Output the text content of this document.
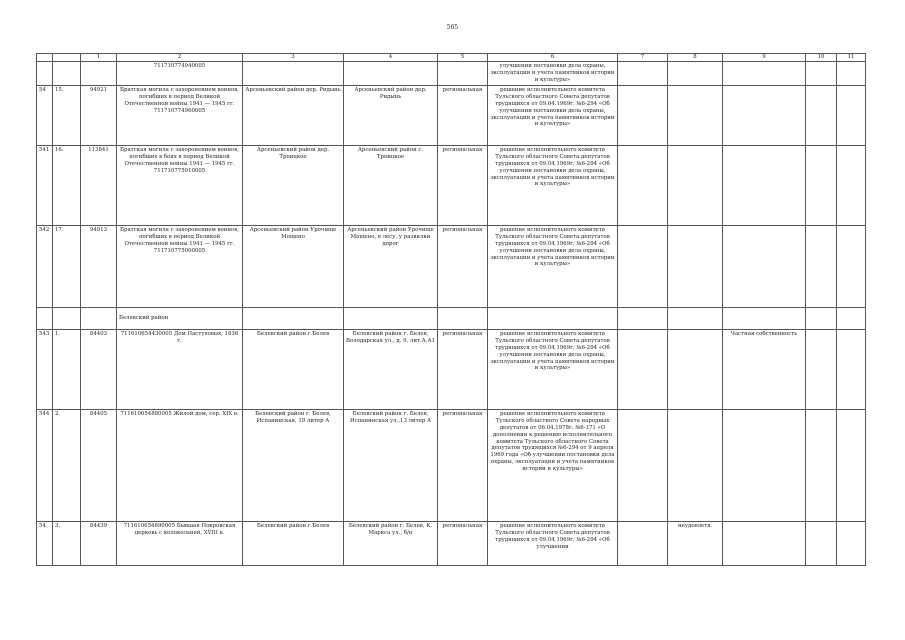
565
		1	2	3	4	5	6	7	8	9	10	11
			711710774940005				улучшении постановки дела охраны, эксплуатации и учета памятников истории и культуры»					
54	15.	94921	Братская могила с захоронением воинов, погибших в период Великой Отечественной войны 1941 — 1945 гг. 711710774960005	Арсеньевский район дер. Ридынь	Арсеньевский район дер. Ридынь	региональная	решение исполнительного комитета Тульского областного Совета депутатов трудящихся от 09.04.1969г. №6-294 «Об улучшении постановки дела охраны, эксплуатации и учета памятников истории и культуры»					
541	16.	113841	Братская могила с захоронением воинов, погибших в боях в период Великой Отечественной войны 1941 — 1945 гг. 711710775010005	Арсеньевский район дер. Троицкое	Арсеньевский район с. Троицкое	региональная	решение исполнительного комитета Тульского областного Совета депутатов трудящихся от 09.04.1969г. №6-294 «Об улучшении постановки дела охраны, эксплуатации и учета памятников истории и культуры»					
542	17.	94913	Братская могила с захоронением воинов, погибших в период Великой Отечественной войны 1941 — 1945 гг. 711710775000005	Арсеньевский район Урочище Мощено	Арсеньевский район Урочище Мощено, в лесу, у развилки дорог	региональная	решение исполнительного комитета Тульского областного Совета депутатов трудящихся от 09.04.1969г. №6-294 «Об улучшении постановки дела охраны, эксплуатации и учета памятников истории и культуры»					
			Белевский район									
543	1.	84403	711610654430005 Дом Пастуховых, 1836 г.	Белевский район г.Белев	Белевский район г. Белев, Володарская ул., д. 9, лит.А,А1	региональная	решение исполнительного комитета Тульского областного Совета депутатов трудящихся от 09.04.1969г. №6-294 «Об улучшении постановки дела охраны, эксплуатации и учета памятников истории и культуры»			Частная собственность		
544	2.	84405	711610654880005 Жилой дом, сер. XIX в.	Белевский район г. Белев, Испанинская, 19 литер А	Белевский район г. Белев, Испанинская ул.,13 литер А	региональная	решение исполнительного комитета Тульского областного Совета народных депутатов от 06.04.1978г. №6-171 «О дополнении к решению исполнительного комитета Тульского областного Совета депутатов трудящихся №6-294 от 9 апреля 1969 года «Об улучшении постановки дела охраны, эксплуатации и учета памятников истории и культуры»					
54	3.	84439	711610654890005 Бывшая Покровская церковь с колокольней, XVIII в.	Белевский район г.Белев	Белевский район г. Белев, К. Маркса ул., б/н	региональная	решение исполнительного комитета Тульского областного Совета депутатов трудящихся от 09.04.1969г. №6-294 «Об улучшении		неудовлетв.			
